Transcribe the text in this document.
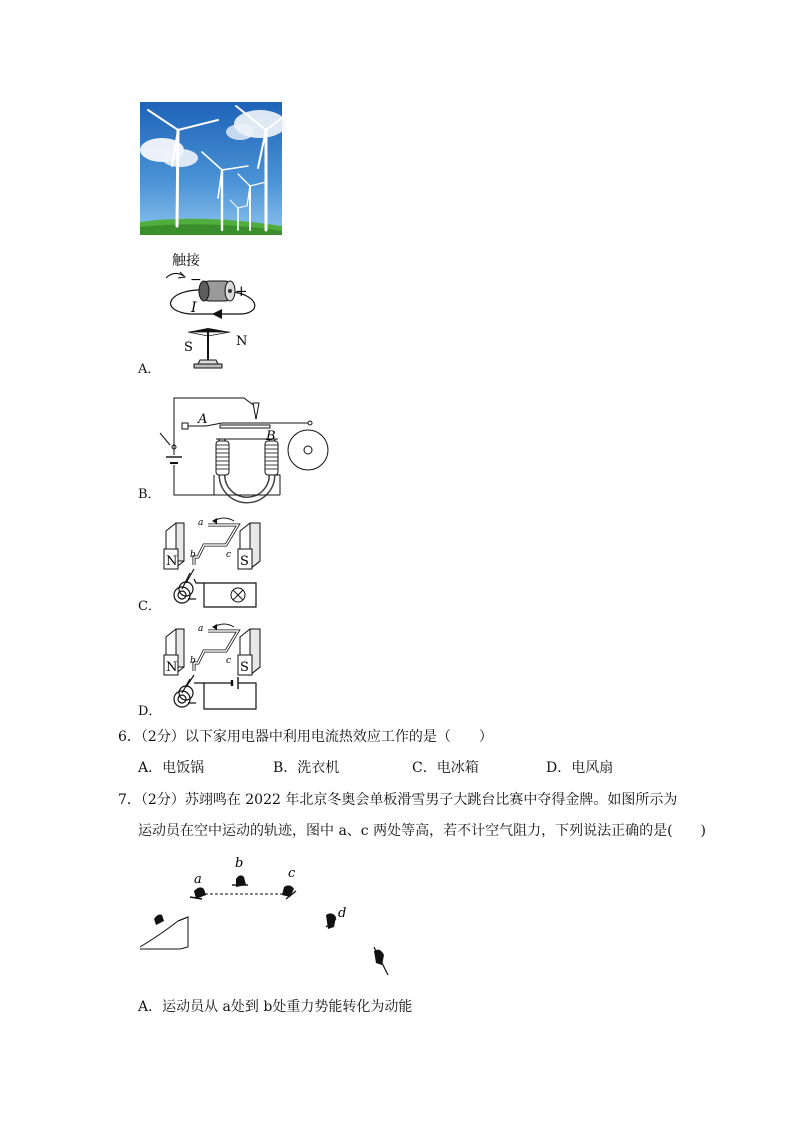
触接
I
−
+
S	N
A．
A
B
B．
N	S
a
b	c
C．
N	S
a
b	c
D．
6．（2分）以下家用电器中利用电流热效应工作的是（　　）
A．电饭锅	B．洗衣机	C．电冰箱	D．电风扇
7．（2分）苏翊鸣在 2022 年北京冬奥会单板滑雪男子大跳台比赛中夺得金牌。如图所示为
运动员在空中运动的轨迹，图中 a、c 两处等高，若不计空气阻力，下列说法正确的是(　　)
a
b
c
d
A．运动员从 a处到 b处重力势能转化为动能
